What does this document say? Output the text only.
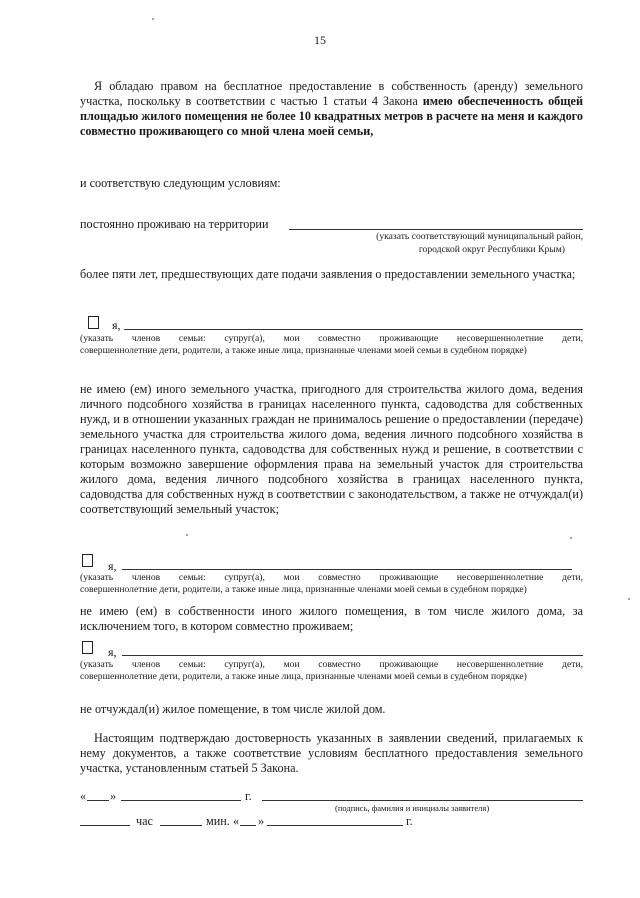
15
Я обладаю правом на бесплатное предоставление в собственность (аренду) земельного участка, поскольку в соответствии с частью 1 статьи 4 Закона имею обеспеченность общей площадью жилого помещения не более 10 квадратных метров в расчете на меня и каждого совместно проживающего со мной члена моей семьи,
и соответствую следующим условиям:
постоянно проживаю на территории
(указать соответствующий муниципальный район,
городской округ Республики Крым)
более пяти лет, предшествующих дате подачи заявления о предоставлении земельного участка;
я,
(указать членов семьи: супруг(а), мои совместно проживающие несовершеннолетние дети,
совершеннолетние дети, родители, а также иные лица, признанные членами моей семьи в судебном порядке)
не имею (ем) иного земельного участка, пригодного для строительства жилого дома, ведения личного подсобного хозяйства в границах населенного пункта, садоводства для собственных нужд, и в отношении указанных граждан не принималось решение о предоставлении (передаче) земельного участка для строительства жилого дома, ведения личного подсобного хозяйства в границах населенного пункта, садоводства для собственных нужд и решение, в соответствии с которым возможно завершение оформления права на земельный участок для строительства жилого дома, ведения личного подсобного хозяйства в границах населенного пункта, садоводства для собственных нужд в соответствии с законодательством, а также не отчуждал(и) соответствующий земельный участок;
я,
(указать членов семьи: супруг(а), мои совместно проживающие несовершеннолетние дети,
совершеннолетние дети, родители, а также иные лица, признанные членами моей семьи в судебном порядке)
не имею (ем) в собственности иного жилого помещения, в том числе жилого дома, за исключением того, в котором совместно проживаем;
я,
(указать членов семьи: супруг(а), мои совместно проживающие несовершеннолетние дети,
совершеннолетние дети, родители, а также иные лица, признанные членами моей семьи в судебном порядке)
не отчуждал(и) жилое помещение, в том числе жилой дом.
Настоящим подтверждаю достоверность указанных в заявлении сведений, прилагаемых к нему документов, а также соответствие условиям бесплатного предоставления земельного участка, установленным статьей 5 Закона.
« »	г.
(подпись, фамилия и инициалы заявителя)
час	мин. « »	г.
